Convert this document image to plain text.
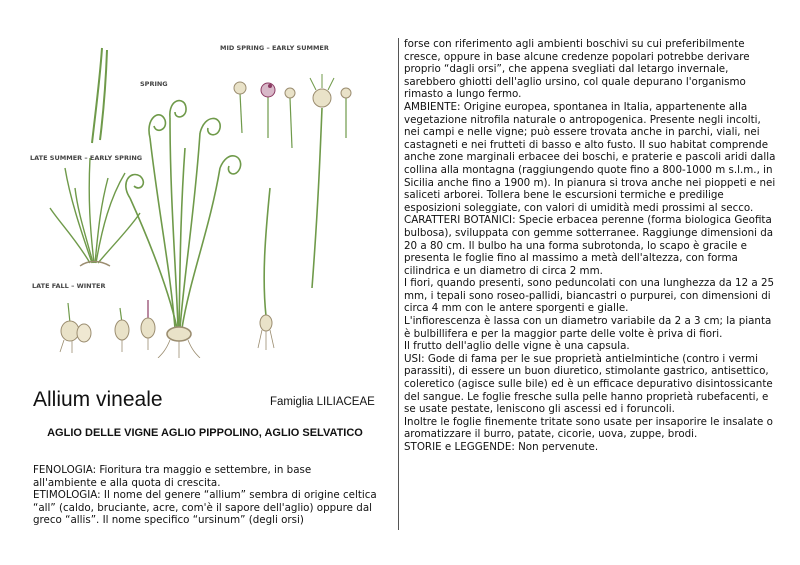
MID SPRING – EARLY SUMMER
SPRING
LATE SUMMER – EARLY SPRING
LATE FALL – WINTER
Allium vineale	Famiglia LILIACEAE
AGLIO DELLE VIGNE AGLIO PIPPOLINO, AGLIO SELVATICO

FENOLOGIA: Fioritura tra maggio e settembre, in base all'ambiente e alla quota di crescita.

ETIMOLOGIA: Il nome del genere “allium” sembra di origine celtica “all” (caldo, bruciante, acre, com'è il sapore dell'aglio) oppure dal greco “allis”. Il nome specifico “ursinum” (degli orsi)

forse con riferimento agli ambienti boschivi su cui preferibilmente cresce, oppure in base alcune credenze popolari potrebbe derivare proprio “dagli orsi”, che appena svegliati dal letargo invernale, sarebbero ghiotti dell'aglio ursino, col quale depurano l'organismo rimasto a lungo fermo.

AMBIENTE: Origine europea, spontanea in Italia, appartenente alla vegetazione nitrofila naturale o antropogenica. Presente negli incolti, nei campi e nelle vigne; può essere trovata anche in parchi, viali, nei castagneti e nei frutteti di basso e alto fusto. Il suo habitat comprende anche zone marginali erbacee dei boschi, e praterie e pascoli aridi dalla collina alla montagna (raggiungendo quote fino a 800-1000 m s.l.m., in Sicilia anche fino a 1900 m). In pianura si trova anche nei pioppeti e nei saliceti arborei. Tollera bene le escursioni termiche e predilige esposizioni soleggiate, con valori di umidità medi prossimi al secco.

CARATTERI BOTANICI: Specie erbacea perenne (forma biologica Geofita bulbosa), sviluppata con gemme sotterranee. Raggiunge dimensioni da 20 a 80 cm. Il bulbo ha una forma subrotonda, lo scapo è gracile e presenta le foglie fino al massimo a metà dell'altezza, con forma cilindrica e un diametro di circa 2 mm.

I fiori, quando presenti, sono peduncolati con una lunghezza da 12 a 25 mm, i tepali sono roseo-pallidi, biancastri o purpurei, con dimensioni di circa 4 mm con le antere sporgenti e gialle.

L'infiorescenza è lassa con un diametro variabile da 2 a 3 cm; la pianta è bulbillifera e per la maggior parte delle volte è priva di fiori.

Il frutto dell'aglio delle vigne è una capsula.

USI: Gode di fama per le sue proprietà antielmintiche (contro i vermi parassiti), di essere un buon diuretico, stimolante gastrico, antisettico, coleretico (agisce sulle bile) ed è un efficace depurativo disintossicante del sangue. Le foglie fresche sulla pelle hanno proprietà rubefacenti, e se usate pestate, leniscono gli ascessi ed i foruncoli.

Inoltre le foglie finemente tritate sono usate per insaporire le insalate o aromatizzare il burro, patate, cicorie, uova, zuppe, brodi.

STORIE e LEGGENDE: Non pervenute.
